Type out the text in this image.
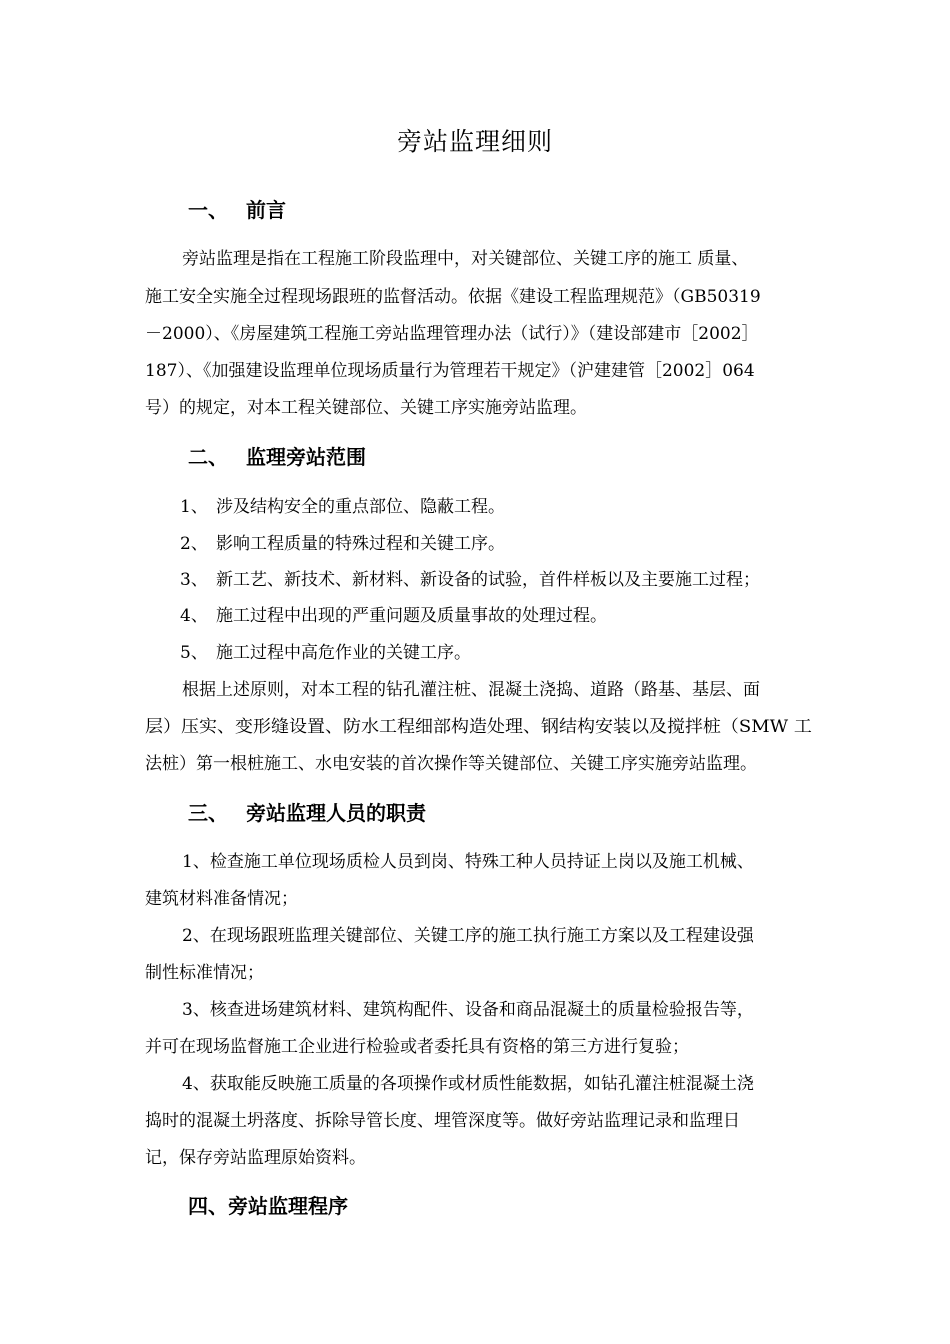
旁站监理细则
一、 前言
旁站监理是指在工程施工阶段监理中，对关键部位、关键工序的施工 质量、
施工安全实施全过程现场跟班的监督活动。依据《建设工程监理规范》（GB50319
－2000）、《房屋建筑工程施工旁站监理管理办法（试行）》（建设部建市［2002］
187）、《加强建设监理单位现场质量行为管理若干规定》（沪建建管［2002］064
号）的规定，对本工程关键部位、关键工序实施旁站监理。
二、 监理旁站范围
1、 涉及结构安全的重点部位、隐蔽工程。
2、 影响工程质量的特殊过程和关键工序。
3、 新工艺、新技术、新材料、新设备的试验，首件样板以及主要施工过程；
4、 施工过程中出现的严重问题及质量事故的处理过程。
5、 施工过程中高危作业的关键工序。
根据上述原则，对本工程的钻孔灌注桩、混凝土浇捣、道路（路基、基层、面
层）压实、变形缝设置、防水工程细部构造处理、钢结构安装以及搅拌桩（SMW 工
法桩）第一根桩施工、水电安装的首次操作等关键部位、关键工序实施旁站监理。
三、 旁站监理人员的职责
1、检查施工单位现场质检人员到岗、特殊工种人员持证上岗以及施工机械、
建筑材料准备情况；
2、在现场跟班监理关键部位、关键工序的施工执行施工方案以及工程建设强
制性标准情况；
3、核查进场建筑材料、建筑构配件、设备和商品混凝土的质量检验报告等，
并可在现场监督施工企业进行检验或者委托具有资格的第三方进行复验；
4、获取能反映施工质量的各项操作或材质性能数据，如钻孔灌注桩混凝土浇
捣时的混凝土坍落度、拆除导管长度、埋管深度等。做好旁站监理记录和监理日
记，保存旁站监理原始资料。
四、旁站监理程序
